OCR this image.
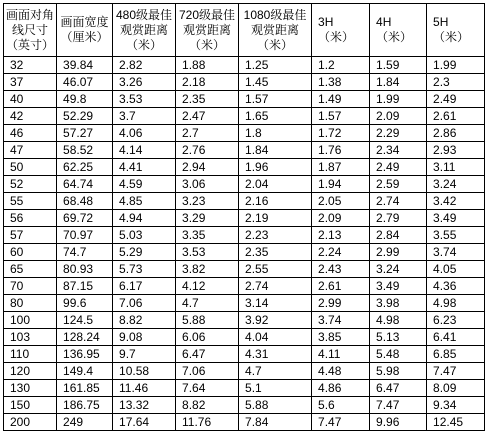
画面对角
线尺寸
（英寸）	画面宽度
（厘米）	480级最佳
观赏距离
（米）	720级最佳
观赏距离
（米）	1080级最佳
观赏距离
（米）	3H
（米）	4H
（米）	5H
（米）

32	39.84	2.82	1.88	1.25	1.2	1.59	1.99
37	46.07	3.26	2.18	1.45	1.38	1.84	2.3
40	49.8	3.53	2.35	1.57	1.49	1.99	2.49
42	52.29	3.7	2.47	1.65	1.57	2.09	2.61
46	57.27	4.06	2.7	1.8	1.72	2.29	2.86
47	58.52	4.14	2.76	1.84	1.76	2.34	2.93
50	62.25	4.41	2.94	1.96	1.87	2.49	3.11
52	64.74	4.59	3.06	2.04	1.94	2.59	3.24
55	68.48	4.85	3.23	2.16	2.05	2.74	3.42
56	69.72	4.94	3.29	2.19	2.09	2.79	3.49
57	70.97	5.03	3.35	2.23	2.13	2.84	3.55
60	74.7	5.29	3.53	2.35	2.24	2.99	3.74
65	80.93	5.73	3.82	2.55	2.43	3.24	4.05
70	87.15	6.17	4.12	2.74	2.61	3.49	4.36
80	99.6	7.06	4.7	3.14	2.99	3.98	4.98
100	124.5	8.82	5.88	3.92	3.74	4.98	6.23
103	128.24	9.08	6.06	4.04	3.85	5.13	6.41
110	136.95	9.7	6.47	4.31	4.11	5.48	6.85
120	149.4	10.58	7.06	4.7	4.48	5.98	7.47
130	161.85	11.46	7.64	5.1	4.86	6.47	8.09
150	186.75	13.32	8.82	5.88	5.6	7.47	9.34
200	249	17.64	11.76	7.84	7.47	9.96	12.45
